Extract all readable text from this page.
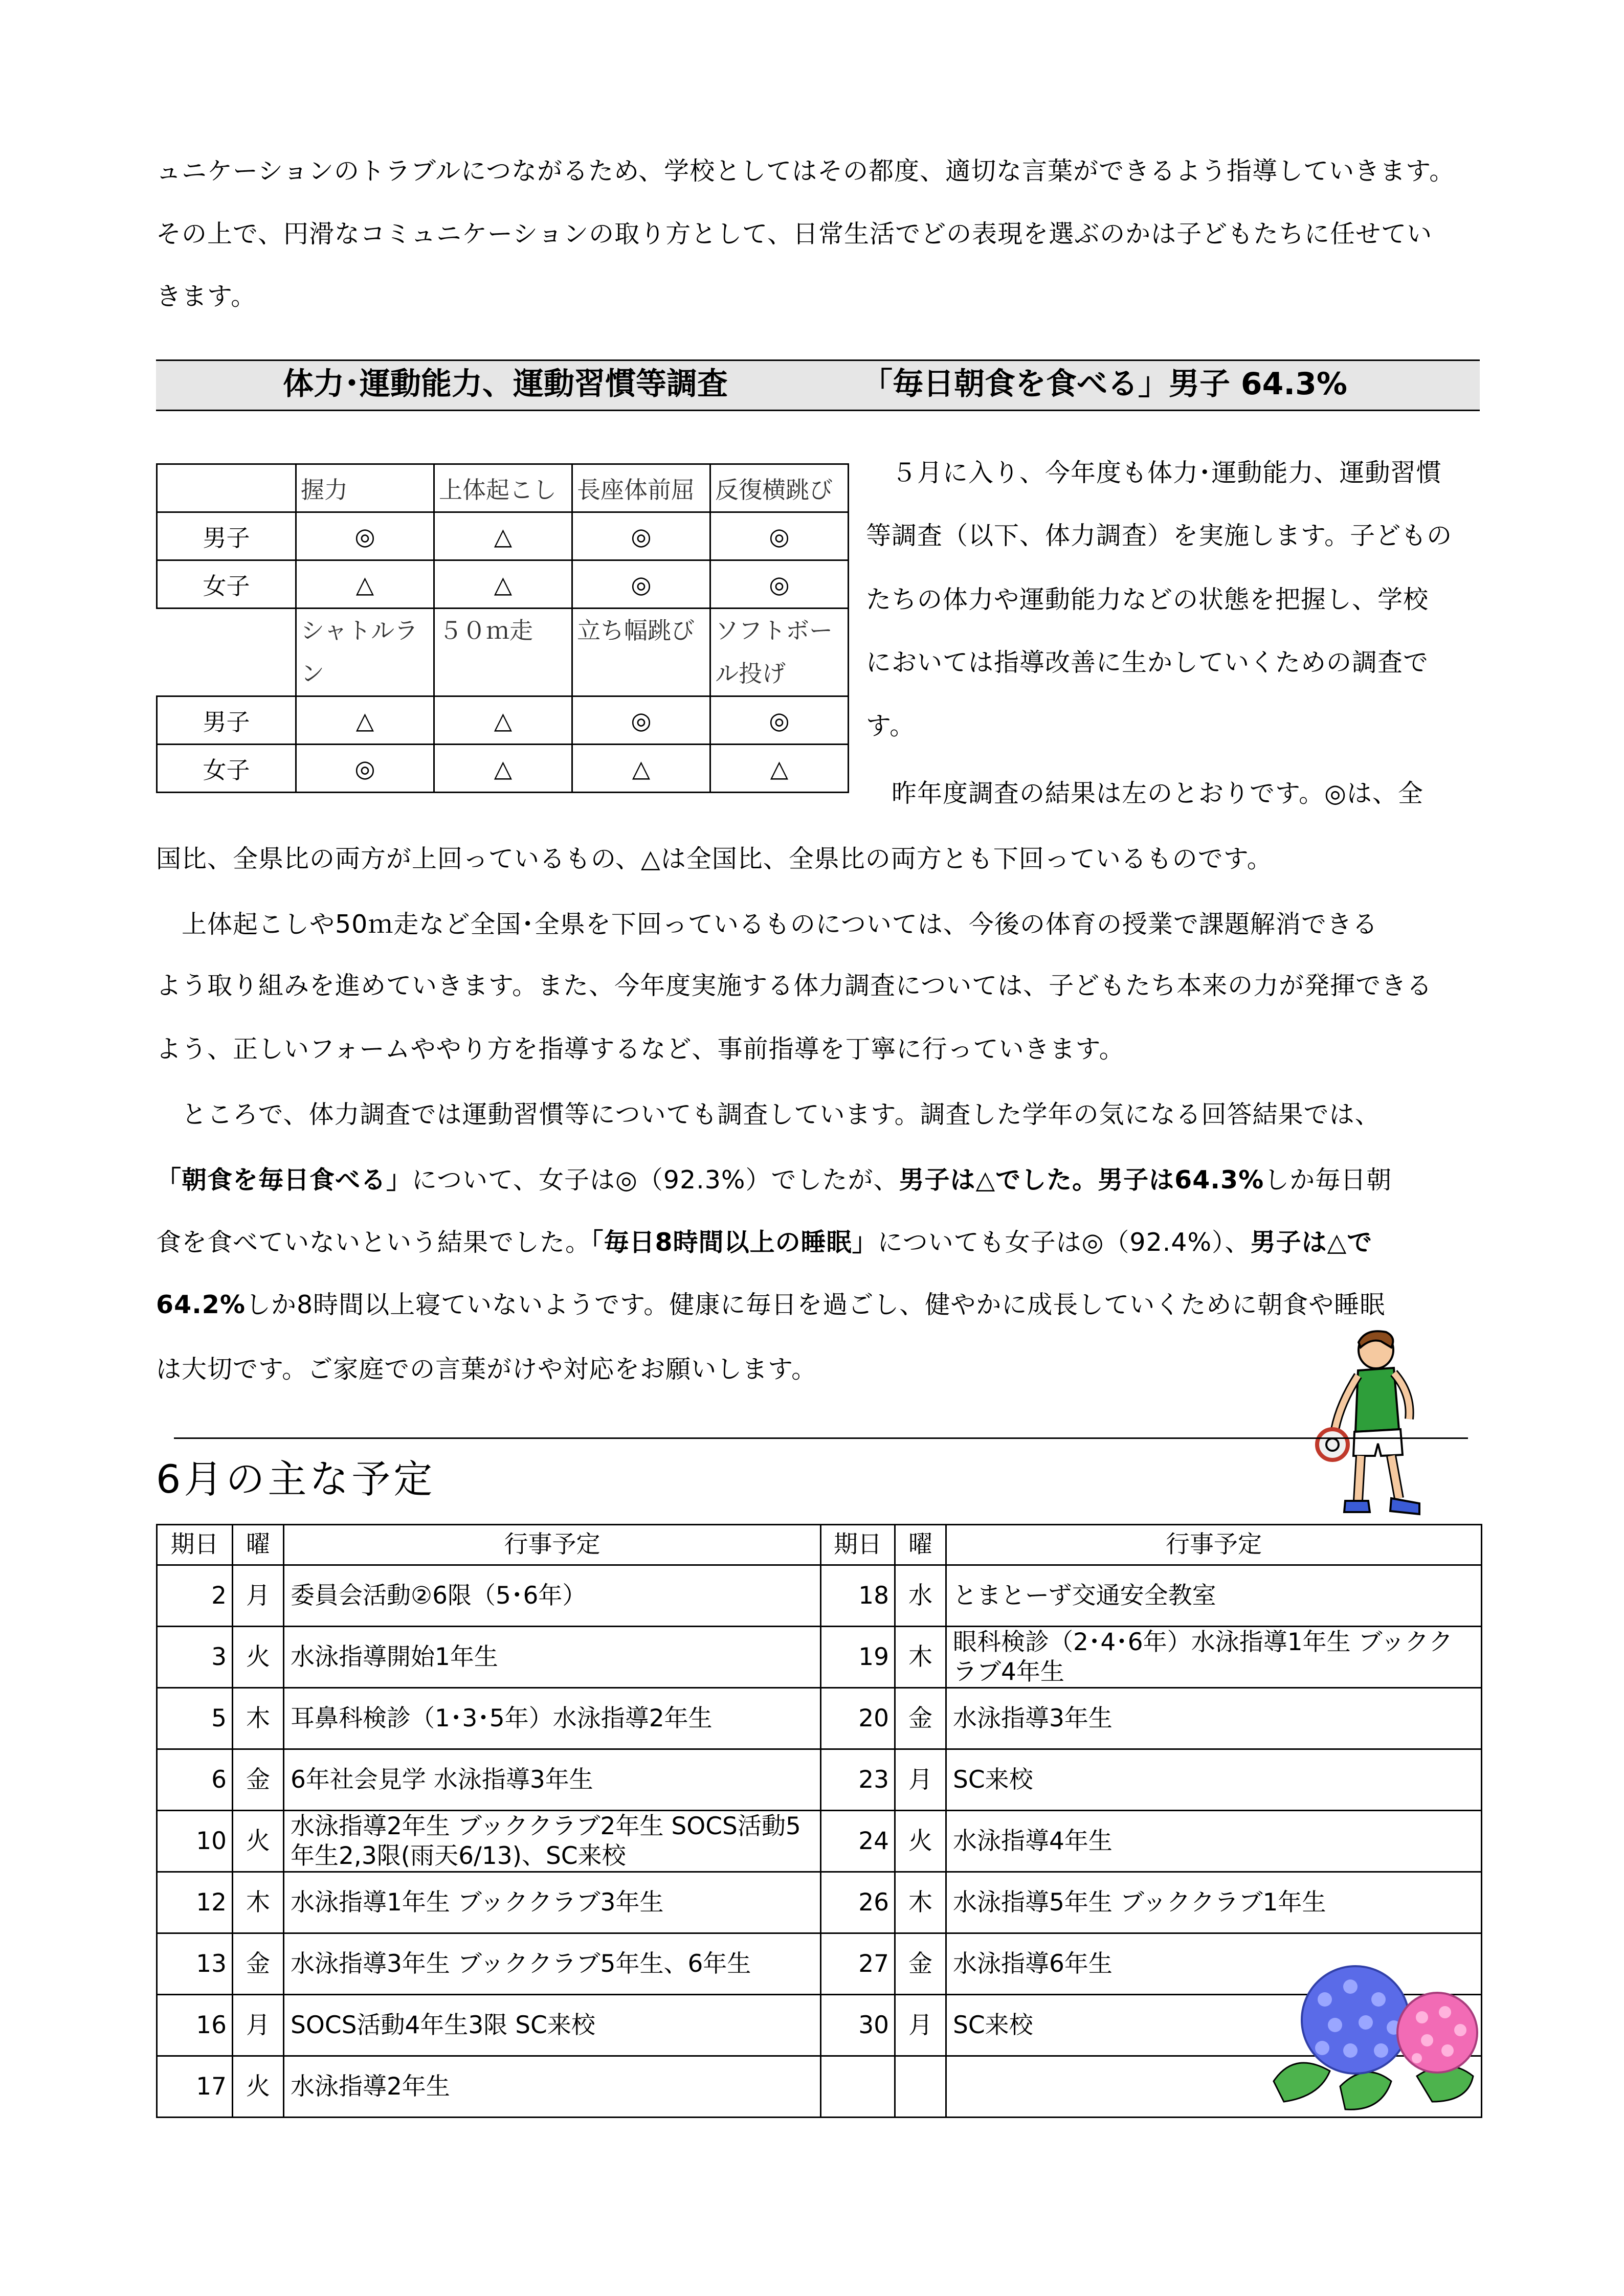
ュニケーションのトラブルにつながるため、学校としてはその都度、適切な言葉ができるよう指導していきます。
その上で、円滑なコミュニケーションの取り方として、日常生活でどの表現を選ぶのかは子どもたちに任せてい
きます。
体力･運動能力、運動習慣等調査	「毎日朝食を食べる」男子 64.3%
	握力	上体起こし	長座体前屈	反復横跳び
男子	◎	△	◎	◎
女子	△	△	◎	◎
	シャトルラン	５０ｍ走	立ち幅跳び	ソフトボール投げ
男子	△	△	◎	◎
女子	◎	△	△	△
　５月に入り、今年度も体力･運動能力、運動習慣
等調査（以下、体力調査）を実施します。子どもの
たちの体力や運動能力などの状態を把握し、学校
においては指導改善に生かしていくための調査で
す。
　昨年度調査の結果は左のとおりです。◎は、全
国比、全県比の両方が上回っているもの、△は全国比、全県比の両方とも下回っているものです。
　上体起こしや50ｍ走など全国･全県を下回っているものについては、今後の体育の授業で課題解消できる
よう取り組みを進めていきます。また、今年度実施する体力調査については、子どもたち本来の力が発揮できる
よう、正しいフォームややり方を指導するなど、事前指導を丁寧に行っていきます。
　ところで、体力調査では運動習慣等についても調査しています。調査した学年の気になる回答結果では、
「朝食を毎日食べる」について、女子は◎（92.3%）でしたが、男子は△でした。男子は64.3%しか毎日朝
食を食べていないという結果でした。「毎日8時間以上の睡眠」についても女子は◎（92.4%）、男子は△で
64.2%しか8時間以上寝ていないようです。健康に毎日を過ごし、健やかに成長していくために朝食や睡眠
は大切です。ご家庭での言葉がけや対応をお願いします。
6月の主な予定
期日	曜	行事予定	期日	曜	行事予定
2	月	委員会活動②6限（5･6年）	18	水	とまとーず交通安全教室
3	火	水泳指導開始1年生	19	木	眼科検診（2･4･6年）水泳指導1年生 ブッククラブ4年生
5	木	耳鼻科検診（1･3･5年）水泳指導2年生	20	金	水泳指導3年生
6	金	6年社会見学 水泳指導3年生	23	月	SC来校
10	火	水泳指導2年生 ブッククラブ2年生 SOCS活動5年生2,3限(雨天6/13)、SC来校	24	火	水泳指導4年生
12	木	水泳指導1年生 ブッククラブ3年生	26	木	水泳指導5年生 ブッククラブ1年生
13	金	水泳指導3年生 ブッククラブ5年生、6年生	27	金	水泳指導6年生
16	月	SOCS活動4年生3限 SC来校	30	月	SC来校
17	火	水泳指導2年生			
